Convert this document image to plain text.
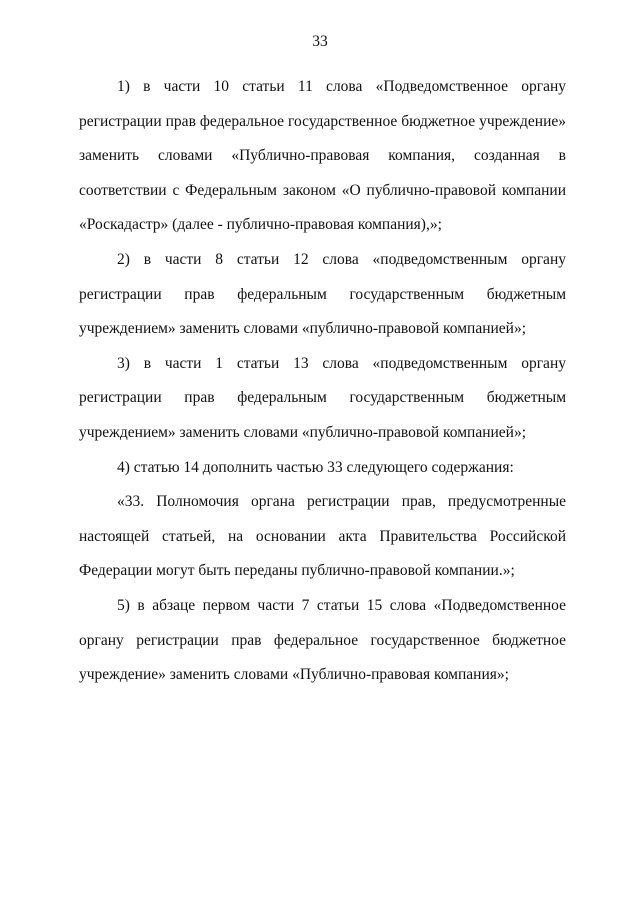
33

1) в части 10 статьи 11 слова «Подведомственное органу регистрации прав федеральное государственное бюджетное учреждение» заменить словами «Публично-правовая компания, созданная в соответствии с Федеральным законом «О публично-правовой компании «Роскадастр» (далее - публично-правовая компания),»;

2) в части 8 статьи 12 слова «подведомственным органу регистрации прав федеральным государственным бюджетным учреждением» заменить словами «публично-правовой компанией»;

3) в части 1 статьи 13 слова «подведомственным органу регистрации прав федеральным государственным бюджетным учреждением» заменить словами «публично-правовой компанией»;

4) статью 14 дополнить частью 33 следующего содержания:

«33. Полномочия органа регистрации прав, предусмотренные настоящей статьей, на основании акта Правительства Российской Федерации могут быть переданы публично-правовой компании.»;

5) в абзаце первом части 7 статьи 15 слова «Подведомственное органу регистрации прав федеральное государственное бюджетное учреждение» заменить словами «Публично-правовая компания»;
